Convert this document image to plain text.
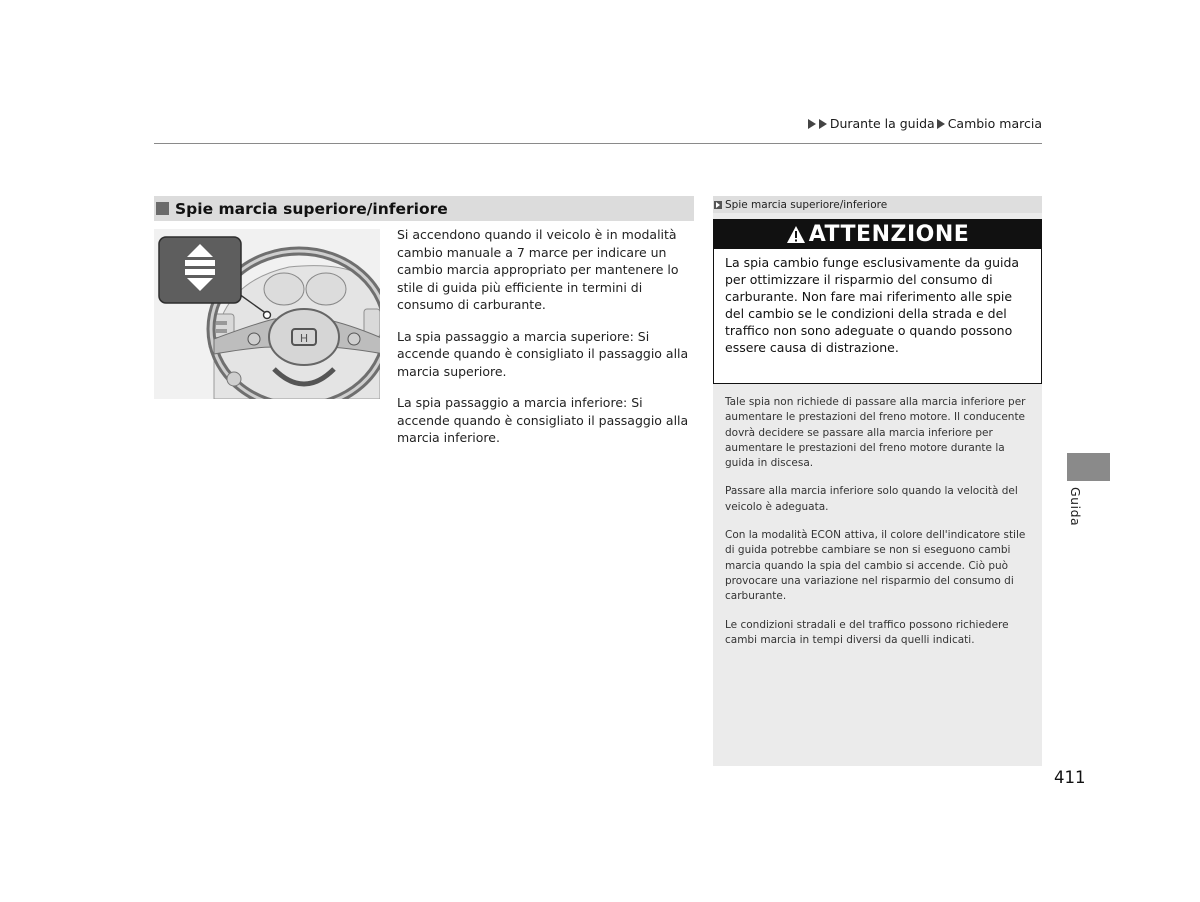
Durante la guida Cambio marcia
Spie marcia superiore/inferiore
H

Si accendono quando il veicolo è in modalità cambio manuale a 7 marce per indicare un cambio marcia appropriato per mantenere lo stile di guida più efficiente in termini di consumo di carburante.

La spia passaggio a marcia superiore: Si accende quando è consigliato il passaggio alla marcia superiore.

La spia passaggio a marcia inferiore: Si accende quando è consigliato il passaggio alla marcia inferiore.

Spie marcia superiore/inferiore
ATTENZIONE
La spia cambio funge esclusivamente da guida per ottimizzare il risparmio del consumo di carburante. Non fare mai riferimento alle spie del cambio se le condizioni della strada e del traffico non sono adeguate o quando possono essere causa di distrazione.

Tale spia non richiede di passare alla marcia inferiore per aumentare le prestazioni del freno motore. Il conducente dovrà decidere se passare alla marcia inferiore per aumentare le prestazioni del freno motore durante la guida in discesa.

Passare alla marcia inferiore solo quando la velocità del veicolo è adeguata.

Con la modalità ECON attiva, il colore dell'indicatore stile di guida potrebbe cambiare se non si eseguono cambi marcia quando la spia del cambio si accende. Ciò può provocare una variazione nel risparmio del consumo di carburante.

Le condizioni stradali e del traffico possono richiedere cambi marcia in tempi diversi da quelli indicati.

Guida
411
